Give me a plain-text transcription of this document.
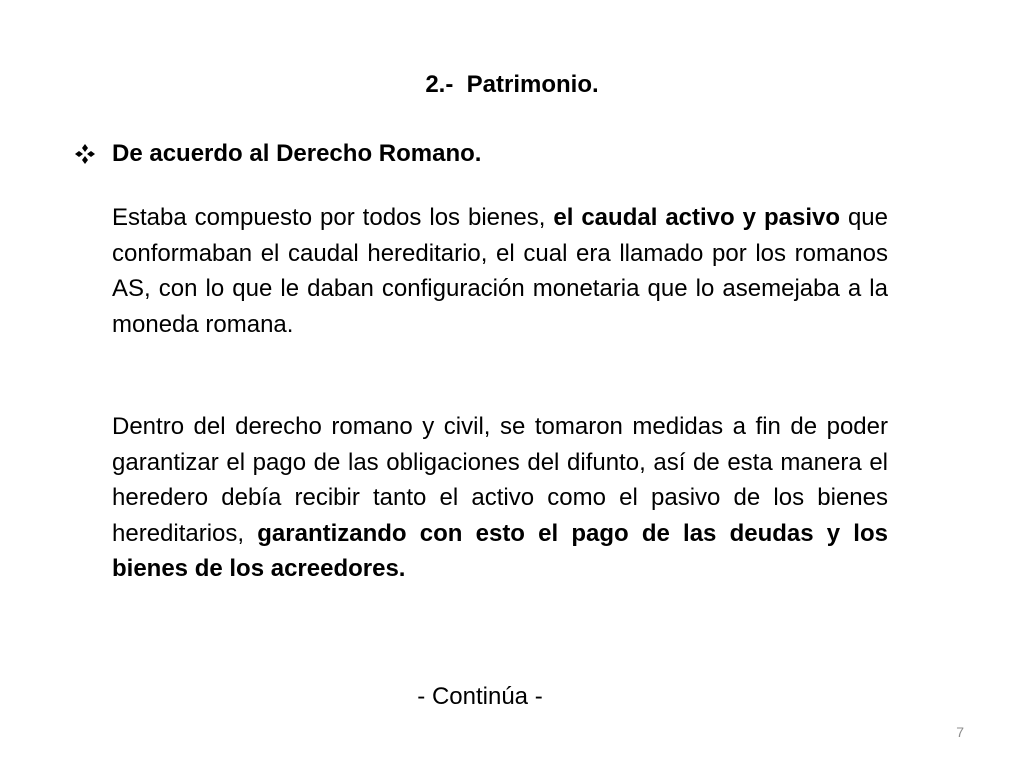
2.-  Patrimonio.
De acuerdo al Derecho Romano.

Estaba compuesto por todos los bienes, el caudal activo y pasivo que conformaban el caudal hereditario, el cual era llamado por los romanos AS, con lo que le daban configuración monetaria que lo asemejaba a la moneda romana.

Dentro del derecho romano y civil, se tomaron medidas a fin de poder garantizar el pago de las obligaciones del difunto, así de esta manera el heredero debía recibir tanto el activo como el pasivo de los bienes hereditarios, garantizando con esto el pago de las deudas y los bienes de los acreedores.

- Continúa -
7
